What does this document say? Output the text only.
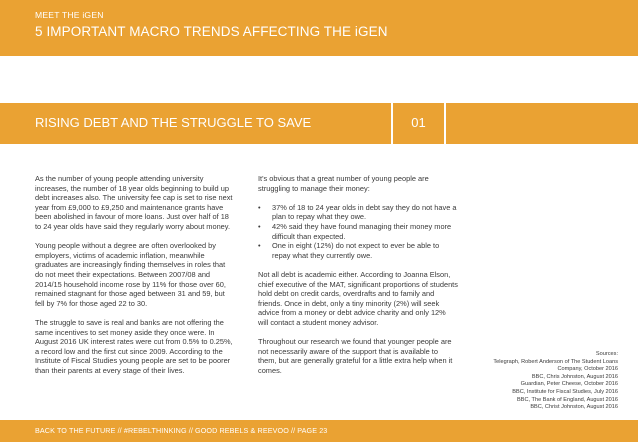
MEET THE iGEN
5 IMPORTANT MACRO TRENDS AFFECTING THE iGEN
RISING DEBT AND THE STRUGGLE TO SAVE	01

As the number of young people attending university increases, the number of 18 year olds beginning to build up debt increases also. The university fee cap is set to rise next year from £9,000 to £9,250 and maintenance grants have been abolished in favour of more loans. Just over half of 18 to 24 year olds have said they regularly worry about money.

Young people without a degree are often overlooked by employers, victims of academic inflation, meanwhile graduates are increasingly finding themselves in roles that do not meet their expectations. Between 2007/08 and 2014/15 household income rose by 11% for those over 60, remained stagnant for those aged between 31 and 59, but fell by 7% for those aged 22 to 30.

The struggle to save is real and banks are not offering the same incentives to set money aside they once were. In August 2016 UK interest rates were cut from 0.5% to 0.25%, a record low and the first cut since 2009. According to the Institute of Fiscal Studies young people are set to be poorer than their parents at every stage of their lives.

It's obvious that a great number of young people are struggling to manage their money:

• 37% of 18 to 24 year olds in debt say they do not have a plan to repay what they owe.
• 42% said they have found managing their money more difficult than expected.
• One in eight (12%) do not expect to ever be able to repay what they currently owe.

Not all debt is academic either. According to Joanna Elson, chief executive of the MAT, significant proportions of students hold debt on credit cards, overdrafts and to family and friends. Once in debt, only a tiny minority (2%) will seek advice from a money or debt advice charity and only 12% will contact a student money advisor.

Throughout our research we found that younger people are not necessarily aware of the support that is available to them, but are generally grateful for a little extra help when it comes.

Sources:
Telegraph, Robert Anderson of The Student Loans
Company, October 2016
BBC, Chris Johnston, August 2016
Guardian, Peter Cheese, October 2016
BBC, Institute for Fiscal Studies, July 2016
BBC, The Bank of England, August 2016
BBC, Christ Johnston, August 2016
BACK TO THE FUTURE // #REBELTHINKING // GOOD REBELS & REEVOO // PAGE 23
